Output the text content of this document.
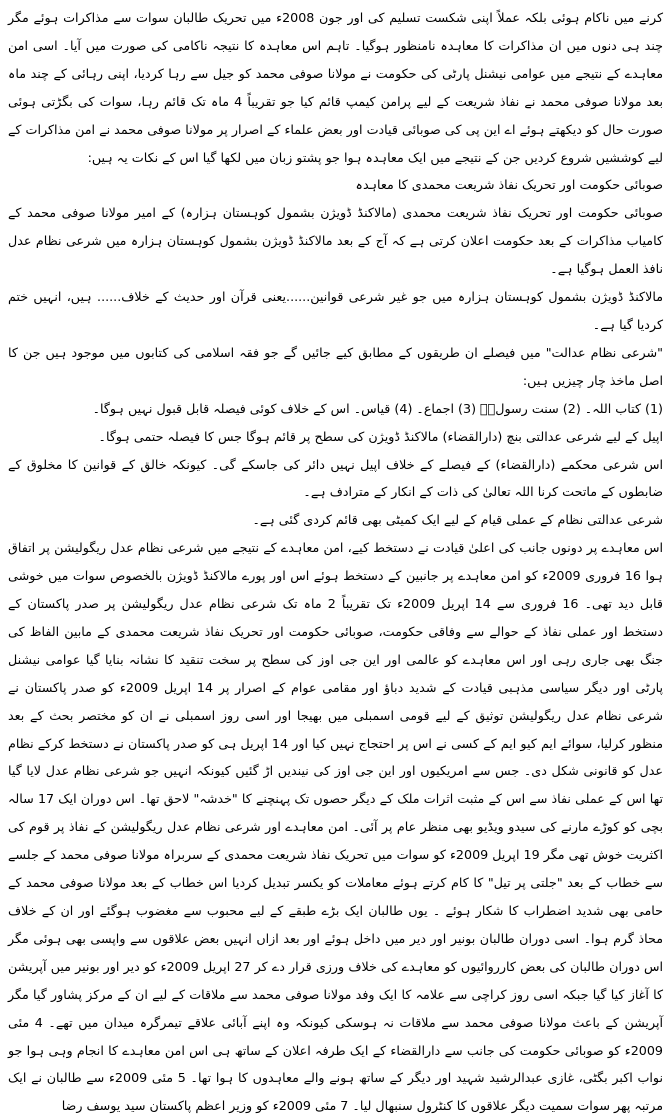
کرنے میں ناکام ہوئی بلکہ عملاً اپنی شکست تسلیم کی اور جون 2008ء میں تحریک طالبان سوات سے مذاکرات ہوئے مگر چند ہی دنوں میں ان مذاکرات کا معاہدہ نامنظور ہوگیا۔ تاہم اس معاہدہ کا نتیجہ ناکامی کی صورت میں آیا۔ اسی امن معاہدے کے نتیجے میں عوامی نیشنل پارٹی کی حکومت نے مولانا صوفی محمد کو جیل سے رہا کردیا، اپنی رہائی کے چند ماہ بعد مولانا صوفی محمد نے نفاذ شریعت کے لیے پرامن کیمپ قائم کیا جو تقریباً 4 ماہ تک قائم رہا، سوات کی بگڑتی ہوئی صورت حال کو دیکھتے ہوئے اے این پی کی صوبائی قیادت اور بعض علماء کے اصرار پر مولانا صوفی محمد نے امن مذاکرات کے لیے کوششیں شروع کردیں جن کے نتیجے میں ایک معاہدہ ہوا جو پشتو زبان میں لکھا گیا اس کے نکات یہ ہیں:

صوبائی حکومت اور تحریک نفاذ شریعت محمدی کا معاہدہ

صوبائی حکومت اور تحریک نفاذ شریعت محمدی (مالاکنڈ ڈویژن بشمول کوہستان ہزارہ) کے امیر مولانا صوفی محمد کے کامیاب مذاکرات کے بعد حکومت اعلان کرتی ہے کہ آج کے بعد مالاکنڈ ڈویژن بشمول کوہستان ہزارہ میں شرعی نظام عدل نافذ العمل ہوگیا ہے۔

مالاکنڈ ڈویژن بشمول کوہستان ہزارہ میں جو غیر شرعی قوانین......یعنی قرآن اور حدیث کے خلاف...... ہیں، انہیں ختم کردیا گیا ہے۔

"شرعی نظام عدالت" میں فیصلے ان طریقوں کے مطابق کیے جائیں گے جو فقہ اسلامی کی کتابوں میں موجود ہیں جن کا اصل ماخذ چار چیزیں ہیں:

(1) کتاب اللہ۔ (2) سنت رسولؐ۔ (3) اجماع۔ (4) قیاس۔ اس کے خلاف کوئی فیصلہ قابل قبول نہیں ہوگا۔

اپیل کے لیے شرعی عدالتی بنچ (دارالقضاء) مالاکنڈ ڈویژن کی سطح پر قائم ہوگا جس کا فیصلہ حتمی ہوگا۔

اس شرعی محکمے (دارالقضاء) کے فیصلے کے خلاف اپیل نہیں دائر کی جاسکے گی۔ کیونکہ خالق کے قوانین کا مخلوق کے ضابطوں کے ماتحت کرنا اللہ تعالیٰ کی ذات کے انکار کے مترادف ہے۔

شرعی عدالتی نظام کے عملی قیام کے لیے ایک کمیٹی بھی قائم کردی گئی ہے۔

اس معاہدے پر دونوں جانب کی اعلیٰ قیادت نے دستخط کیے، امن معاہدے کے نتیجے میں شرعی نظام عدل ریگولیشن پر اتفاق ہوا 16 فروری 2009ء کو امن معاہدے پر جانبین کے دستخط ہوئے اس اور پورے مالاکنڈ ڈویژن بالخصوص سوات میں خوشی قابل دید تھی۔ 16 فروری سے 14 اپریل 2009ء تک تقریباً 2 ماہ تک شرعی نظام عدل ریگولیشن پر صدر پاکستان کے دستخط اور عملی نفاذ کے حوالے سے وفاقی حکومت، صوبائی حکومت اور تحریک نفاذ شریعت محمدی کے مابین الفاظ کی جنگ بھی جاری رہی اور اس معاہدے کو عالمی اور این جی اوز کی سطح پر سخت تنقید کا نشانہ بنایا گیا عوامی نیشنل پارٹی اور دیگر سیاسی مذہبی قیادت کے شدید دباؤ اور مقامی عوام کے اصرار پر 14 اپریل 2009ء کو صدر پاکستان نے شرعی نظام عدل ریگولیشن توثیق کے لیے قومی اسمبلی میں بھیجا اور اسی روز اسمبلی نے ان کو مختصر بحث کے بعد منظور کرلیا، سوائے ایم کیو ایم کے کسی نے اس پر احتجاج نہیں کیا اور 14 اپریل ہی کو صدر پاکستان نے دستخط کرکے نظام عدل کو قانونی شکل دی۔ جس سے امریکیوں اور این جی اوز کی نیندیں اڑ گئیں کیونکہ انہیں جو شرعی نظام عدل لایا گیا تھا اس کے عملی نفاذ سے اس کے مثبت اثرات ملک کے دیگر حصوں تک پہنچنے کا "خدشہ" لاحق تھا۔ اس دوران ایک 17 سالہ بچی کو کوڑے مارنے کی سیدو ویڈیو بھی منظر عام پر آئی۔ امن معاہدے اور شرعی نظام عدل ریگولیشن کے نفاذ پر قوم کی اکثریت خوش تھی مگر 19 اپریل 2009ء کو سوات میں تحریک نفاذ شریعت محمدی کے سربراہ مولانا صوفی محمد کے جلسے سے خطاب کے بعد "جلتی پر تیل" کا کام کرتے ہوئے معاملات کو یکسر تبدیل کردیا اس خطاب کے بعد مولانا صوفی محمد کے حامی بھی شدید اضطراب کا شکار ہوئے ۔ یوں طالبان ایک بڑے طبقے کے لیے محبوب سے مغضوب ہوگئے اور ان کے خلاف محاذ گرم ہوا۔ اسی دوران طالبان بونیر اور دیر میں داخل ہوئے اور بعد ازاں انہیں بعض علاقوں سے واپسی بھی ہوئی مگر اس دوران طالبان کی بعض کارروائیوں کو معاہدے کی خلاف ورزی قرار دے کر 27 اپریل 2009ء کو دیر اور بونیر میں آپریشن کا آغاز کیا گیا جبکہ اسی روز کراچی سے علامہ کا ایک وفد مولانا صوفی محمد سے ملاقات کے لیے ان کے مرکز پشاور گیا مگر آپریشن کے باعث مولانا صوفی محمد سے ملاقات نہ ہوسکی کیونکہ وہ اپنے آبائی علاقے تیمرگرہ میدان میں تھے۔ 4 مئی 2009ء کو صوبائی حکومت کی جانب سے دارالقضاء کے ایک طرفہ اعلان کے ساتھ ہی اس امن معاہدے کا انجام وہی ہوا جو نواب اکبر بگٹی، غازی عبدالرشید شہید اور دیگر کے ساتھ ہونے والے معاہدوں کا ہوا تھا۔ 5 مئی 2009ء سے طالبان نے ایک مرتبہ پھر سوات سمیت دیگر علاقوں کا کنٹرول سنبھال لیا۔ 7 مئی 2009ء کو وزیر اعظم پاکستان سید یوسف رضا
